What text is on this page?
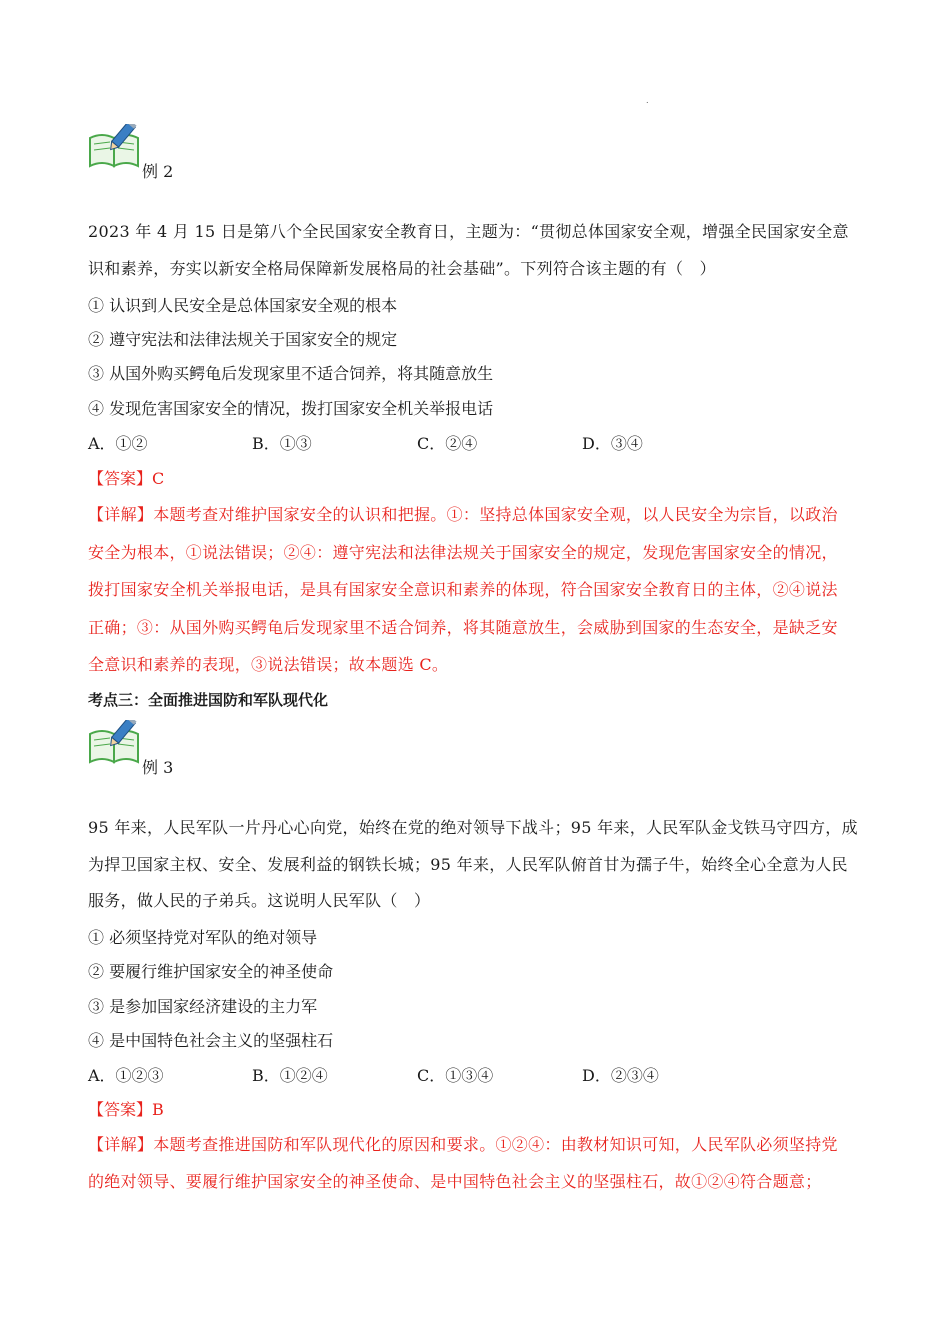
.
例 2
2023 年 4 月 15 日是第八个全民国家安全教育日，主题为：“贯彻总体国家安全观，增强全民国家安全意
识和素养，夯实以新安全格局保障新发展格局的社会基础”。下列符合该主题的有（　）
① 认识到人民安全是总体国家安全观的根本
② 遵守宪法和法律法规关于国家安全的规定
③ 从国外购买鳄龟后发现家里不适合饲养，将其随意放生
④ 发现危害国家安全的情况，拨打国家安全机关举报电话
A．①②	B．①③	C．②④	D．③④
【答案】C
【详解】本题考查对维护国家安全的认识和把握。①：坚持总体国家安全观，以人民安全为宗旨，以政治
安全为根本，①说法错误；②④：遵守宪法和法律法规关于国家安全的规定，发现危害国家安全的情况，
拨打国家安全机关举报电话，是具有国家安全意识和素养的体现，符合国家安全教育日的主体，②④说法
正确；③：从国外购买鳄龟后发现家里不适合饲养，将其随意放生，会威胁到国家的生态安全，是缺乏安
全意识和素养的表现，③说法错误；故本题选 C。
考点三：全面推进国防和军队现代化
例 3
95 年来，人民军队一片丹心心向党，始终在党的绝对领导下战斗；95 年来，人民军队金戈铁马守四方，成
为捍卫国家主权、安全、发展利益的钢铁长城；95 年来，人民军队俯首甘为孺子牛，始终全心全意为人民
服务，做人民的子弟兵。这说明人民军队（　）
① 必须坚持党对军队的绝对领导
② 要履行维护国家安全的神圣使命
③ 是参加国家经济建设的主力军
④ 是中国特色社会主义的坚强柱石
A．①②③	B．①②④	C．①③④	D．②③④
【答案】B
【详解】本题考查推进国防和军队现代化的原因和要求。①②④：由教材知识可知，人民军队必须坚持党
的绝对领导、要履行维护国家安全的神圣使命、是中国特色社会主义的坚强柱石，故①②④符合题意；
